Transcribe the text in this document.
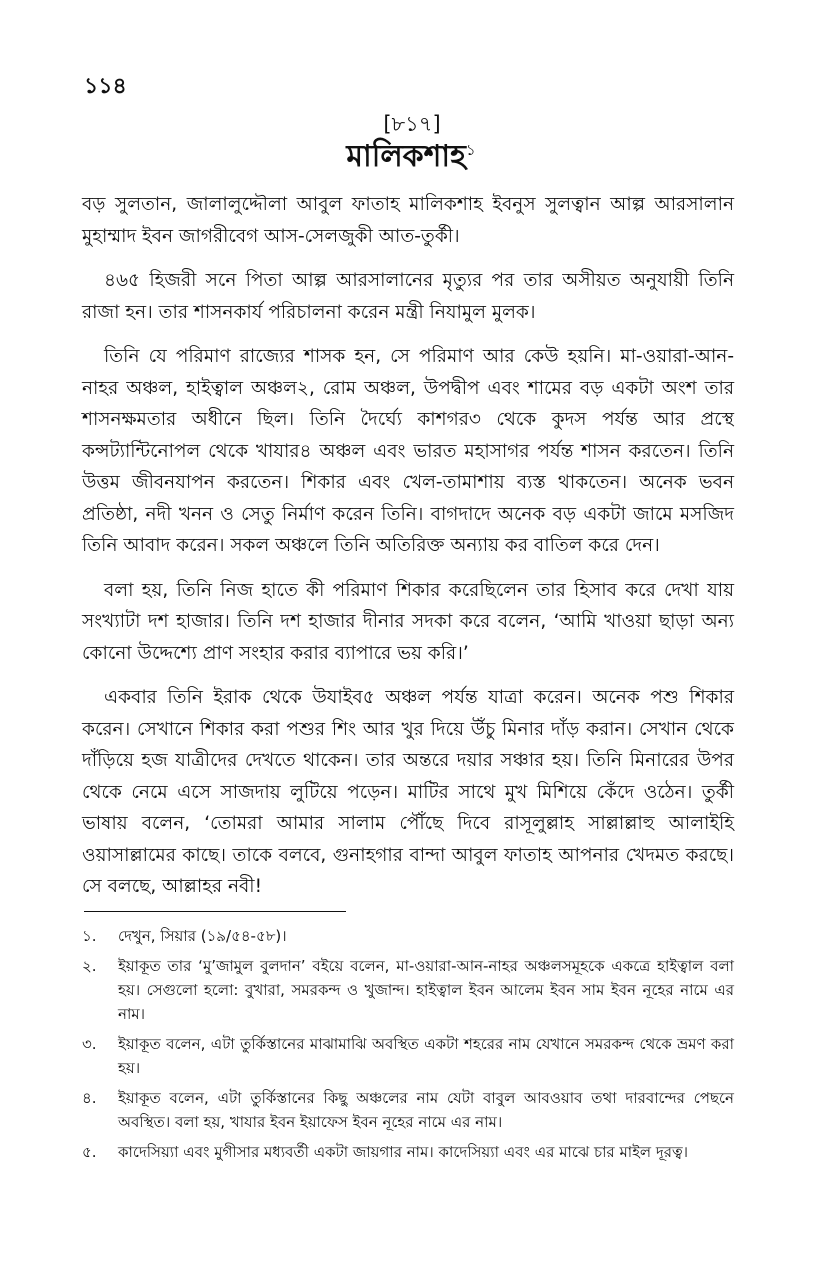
১১৪
[৮১৭]
মালিকশাহ$^১$

বড় সুলতান, জালালুদ্দৌলা আবুল ফাতাহ মালিকশাহ ইবনুস সুলত্বান আল্প আরসালান মুহাম্মাদ ইবন জাগরীবেগ আস-সেলজুকী আত-তুর্কী।

৪৬৫ হিজরী সনে পিতা আল্প আরসালানের মৃত্যুর পর তার অসীয়ত অনুযায়ী তিনি রাজা হন। তার শাসনকার্য পরিচালনা করেন মন্ত্রী নিযামুল মুলক।

তিনি যে পরিমাণ রাজ্যের শাসক হন, সে পরিমাণ আর কেউ হয়নি। মা-ওয়ারা-আন-নাহর অঞ্চল, হাইত্বাল অঞ্চল২, রোম অঞ্চল, উপদ্বীপ এবং শামের বড় একটা অংশ তার শাসনক্ষমতার অধীনে ছিল। তিনি দৈর্ঘ্যে কাশগর৩ থেকে কুদস পর্যন্ত আর প্রস্থে কন্সট্যান্টিনোপল থেকে খাযার৪ অঞ্চল এবং ভারত মহাসাগর পর্যন্ত শাসন করতেন। তিনি উত্তম জীবনযাপন করতেন। শিকার এবং খেল-তামাশায় ব্যস্ত থাকতেন। অনেক ভবন প্রতিষ্ঠা, নদী খনন ও সেতু নির্মাণ করেন তিনি। বাগদাদে অনেক বড় একটা জামে মসজিদ তিনি আবাদ করেন। সকল অঞ্চলে তিনি অতিরিক্ত অন্যায় কর বাতিল করে দেন।

বলা হয়, তিনি নিজ হাতে কী পরিমাণ শিকার করেছিলেন তার হিসাব করে দেখা যায় সংখ্যাটা দশ হাজার। তিনি দশ হাজার দীনার সদকা করে বলেন, ‘আমি খাওয়া ছাড়া অন্য কোনো উদ্দেশ্যে প্রাণ সংহার করার ব্যাপারে ভয় করি।’

একবার তিনি ইরাক থেকে উযাইব৫ অঞ্চল পর্যন্ত যাত্রা করেন। অনেক পশু শিকার করেন। সেখানে শিকার করা পশুর শিং আর খুর দিয়ে উঁচু মিনার দাঁড় করান। সেখান থেকে দাঁড়িয়ে হজ যাত্রীদের দেখতে থাকেন। তার অন্তরে দয়ার সঞ্চার হয়। তিনি মিনারের উপর থেকে নেমে এসে সাজদায় লুটিয়ে পড়েন। মাটির সাথে মুখ মিশিয়ে কেঁদে ওঠেন। তুর্কী ভাষায় বলেন, ‘তোমরা আমার সালাম পৌঁছে দিবে রাসূলুল্লাহ সাল্লাল্লাহু আলাইহি ওয়াসাল্লামের কাছে। তাকে বলবে, গুনাহগার বান্দা আবুল ফাতাহ আপনার খেদমত করছে। সে বলছে, আল্লাহর নবী!

১.	দেখুন, সিয়ার (১৯/৫৪-৫৮)।
২.	ইয়াকূত তার ‘মু’জামুল বুলদান’ বইয়ে বলেন, মা-ওয়ারা-আন-নাহর অঞ্চলসমূহকে একত্রে হাইত্বাল বলা হয়। সেগুলো হলো: বুখারা, সমরকন্দ ও খুজান্দ। হাইত্বাল ইবন আলেম ইবন সাম ইবন নূহের নামে এর নাম।
৩.	ইয়াকূত বলেন, এটা তুর্কিস্তানের মাঝামাঝি অবস্থিত একটা শহরের নাম যেখানে সমরকন্দ থেকে ভ্রমণ করা হয়।
৪.	ইয়াকূত বলেন, এটা তুর্কিস্তানের কিছু অঞ্চলের নাম যেটা বাবুল আবওয়াব তথা দারবান্দের পেছনে অবস্থিত। বলা হয়, খাযার ইবন ইয়াফেস ইবন নূহের নামে এর নাম।
৫.	কাদেসিয়্যা এবং মুগীসার মধ্যবর্তী একটা জায়গার নাম। কাদেসিয়্যা এবং এর মাঝে চার মাইল দূরত্ব।
